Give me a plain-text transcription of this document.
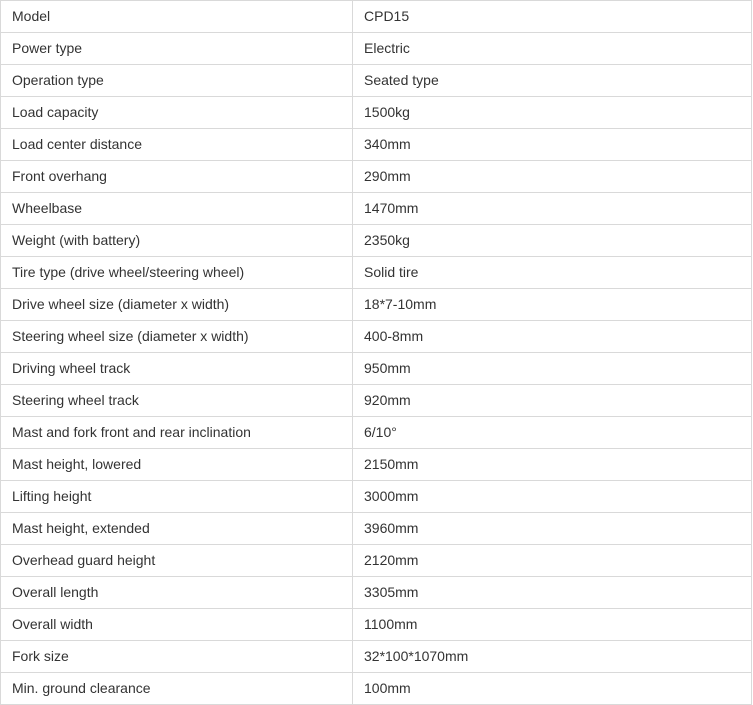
Model	CPD15
Power type	Electric
Operation type	Seated type
Load capacity	1500kg
Load center distance	340mm
Front overhang	290mm
Wheelbase	1470mm
Weight (with battery)	2350kg
Tire type (drive wheel/steering wheel)	Solid tire
Drive wheel size (diameter x width)	18*7-10mm
Steering wheel size (diameter x width)	400-8mm
Driving wheel track	950mm
Steering wheel track	920mm
Mast and fork front and rear inclination	6/10°
Mast height, lowered	2150mm
Lifting height	3000mm
Mast height, extended	3960mm
Overhead guard height	2120mm
Overall length	3305mm
Overall width	1100mm
Fork size	32*100*1070mm
Min. ground clearance	100mm
